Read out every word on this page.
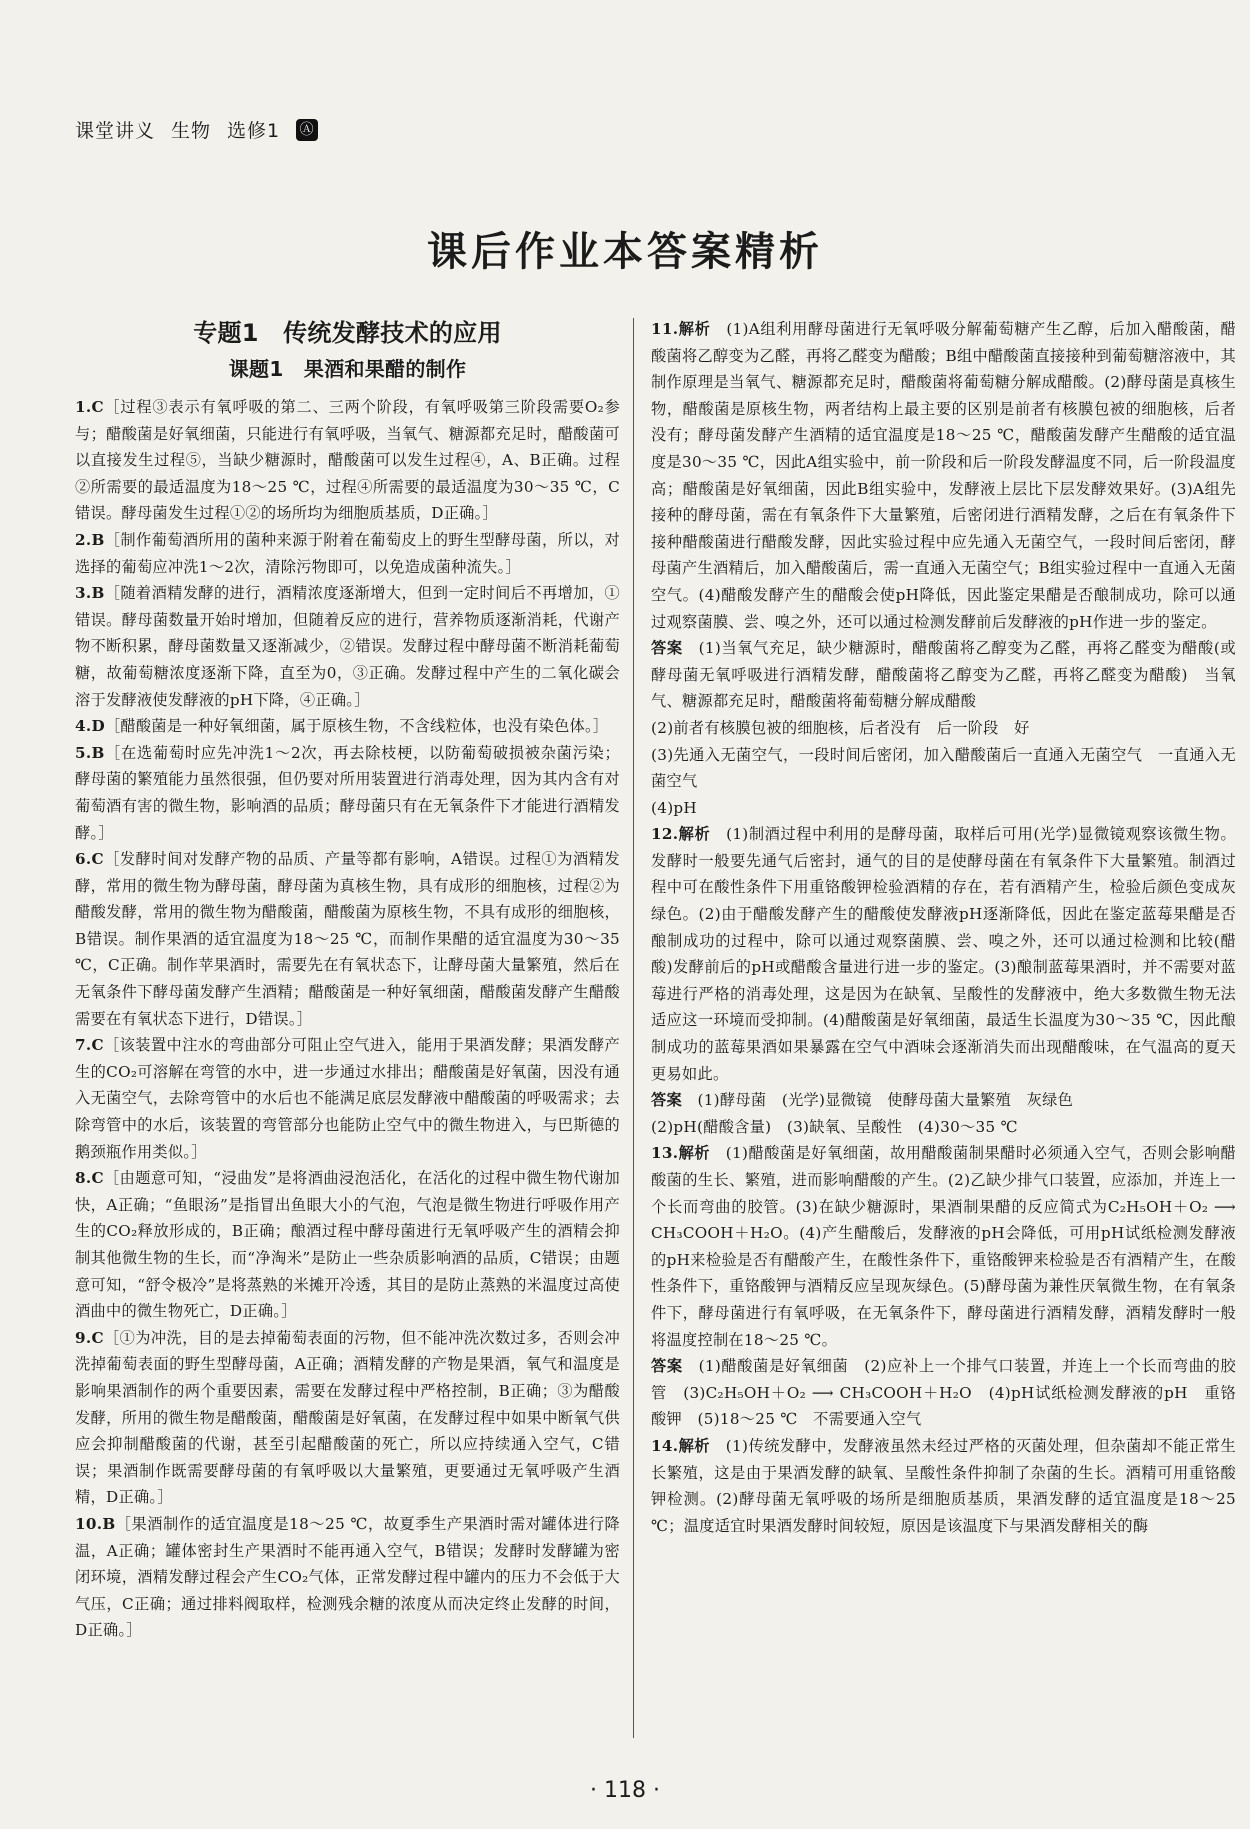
课堂讲义 生物 选修1 Ⓐ
课后作业本答案精析
专题1　传统发酵技术的应用
课题1　果酒和果醋的制作

1.C［过程③表示有氧呼吸的第二、三两个阶段，有氧呼吸第三阶段需要O₂参与；醋酸菌是好氧细菌，只能进行有氧呼吸，当氧气、糖源都充足时，醋酸菌可以直接发生过程⑤，当缺少糖源时，醋酸菌可以发生过程④，A、B正确。过程②所需要的最适温度为18～25 ℃，过程④所需要的最适温度为30～35 ℃，C错误。酵母菌发生过程①②的场所均为细胞质基质，D正确。］

2.B［制作葡萄酒所用的菌种来源于附着在葡萄皮上的野生型酵母菌，所以，对选择的葡萄应冲洗1～2次，清除污物即可，以免造成菌种流失。］

3.B［随着酒精发酵的进行，酒精浓度逐渐增大，但到一定时间后不再增加，①错误。酵母菌数量开始时增加，但随着反应的进行，营养物质逐渐消耗，代谢产物不断积累，酵母菌数量又逐渐减少，②错误。发酵过程中酵母菌不断消耗葡萄糖，故葡萄糖浓度逐渐下降，直至为0，③正确。发酵过程中产生的二氧化碳会溶于发酵液使发酵液的pH下降，④正确。］

4.D［醋酸菌是一种好氧细菌，属于原核生物，不含线粒体，也没有染色体。］

5.B［在选葡萄时应先冲洗1～2次，再去除枝梗，以防葡萄破损被杂菌污染；酵母菌的繁殖能力虽然很强，但仍要对所用装置进行消毒处理，因为其内含有对葡萄酒有害的微生物，影响酒的品质；酵母菌只有在无氧条件下才能进行酒精发酵。］

6.C［发酵时间对发酵产物的品质、产量等都有影响，A错误。过程①为酒精发酵，常用的微生物为酵母菌，酵母菌为真核生物，具有成形的细胞核，过程②为醋酸发酵，常用的微生物为醋酸菌，醋酸菌为原核生物，不具有成形的细胞核，B错误。制作果酒的适宜温度为18～25 ℃，而制作果醋的适宜温度为30～35 ℃，C正确。制作苹果酒时，需要先在有氧状态下，让酵母菌大量繁殖，然后在无氧条件下酵母菌发酵产生酒精；醋酸菌是一种好氧细菌，醋酸菌发酵产生醋酸需要在有氧状态下进行，D错误。］

7.C［该装置中注水的弯曲部分可阻止空气进入，能用于果酒发酵；果酒发酵产生的CO₂可溶解在弯管的水中，进一步通过水排出；醋酸菌是好氧菌，因没有通入无菌空气，去除弯管中的水后也不能满足底层发酵液中醋酸菌的呼吸需求；去除弯管中的水后，该装置的弯管部分也能防止空气中的微生物进入，与巴斯德的鹅颈瓶作用类似。］

8.C［由题意可知，“浸曲发”是将酒曲浸泡活化，在活化的过程中微生物代谢加快，A正确；“鱼眼汤”是指冒出鱼眼大小的气泡，气泡是微生物进行呼吸作用产生的CO₂释放形成的，B正确；酿酒过程中酵母菌进行无氧呼吸产生的酒精会抑制其他微生物的生长，而“净淘米”是防止一些杂质影响酒的品质，C错误；由题意可知，“舒令极冷”是将蒸熟的米摊开冷透，其目的是防止蒸熟的米温度过高使酒曲中的微生物死亡，D正确。］

9.C［①为冲洗，目的是去掉葡萄表面的污物，但不能冲洗次数过多，否则会冲洗掉葡萄表面的野生型酵母菌，A正确；酒精发酵的产物是果酒，氧气和温度是影响果酒制作的两个重要因素，需要在发酵过程中严格控制，B正确；③为醋酸发酵，所用的微生物是醋酸菌，醋酸菌是好氧菌，在发酵过程中如果中断氧气供应会抑制醋酸菌的代谢，甚至引起醋酸菌的死亡，所以应持续通入空气，C错误；果酒制作既需要酵母菌的有氧呼吸以大量繁殖，更要通过无氧呼吸产生酒精，D正确。］

10.B［果酒制作的适宜温度是18～25 ℃，故夏季生产果酒时需对罐体进行降温，A正确；罐体密封生产果酒时不能再通入空气，B错误；发酵时发酵罐为密闭环境，酒精发酵过程会产生CO₂气体，正常发酵过程中罐内的压力不会低于大气压，C正确；通过排料阀取样，检测残余糖的浓度从而决定终止发酵的时间，D正确。］

11.解析　 (1)A组利用酵母菌进行无氧呼吸分解葡萄糖产生乙醇，后加入醋酸菌，醋酸菌将乙醇变为乙醛，再将乙醛变为醋酸；B组中醋酸菌直接接种到葡萄糖溶液中，其制作原理是当氧气、糖源都充足时，醋酸菌将葡萄糖分解成醋酸。(2)酵母菌是真核生物，醋酸菌是原核生物，两者结构上最主要的区别是前者有核膜包被的细胞核，后者没有；酵母菌发酵产生酒精的适宜温度是18～25 ℃，醋酸菌发酵产生醋酸的适宜温度是30～35 ℃，因此A组实验中，前一阶段和后一阶段发酵温度不同，后一阶段温度高；醋酸菌是好氧细菌，因此B组实验中，发酵液上层比下层发酵效果好。(3)A组先接种的酵母菌，需在有氧条件下大量繁殖，后密闭进行酒精发酵，之后在有氧条件下接种醋酸菌进行醋酸发酵，因此实验过程中应先通入无菌空气，一段时间后密闭，酵母菌产生酒精后，加入醋酸菌后，需一直通入无菌空气；B组实验过程中一直通入无菌空气。(4)醋酸发酵产生的醋酸会使pH降低，因此鉴定果醋是否酿制成功，除可以通过观察菌膜、尝、嗅之外，还可以通过检测发酵前后发酵液的pH作进一步的鉴定。

答案　 (1)当氧气充足，缺少糖源时，醋酸菌将乙醇变为乙醛，再将乙醛变为醋酸(或酵母菌无氧呼吸进行酒精发酵，醋酸菌将乙醇变为乙醛，再将乙醛变为醋酸)　当氧气、糖源都充足时，醋酸菌将葡萄糖分解成醋酸

(2)前者有核膜包被的细胞核，后者没有　后一阶段　好

(3)先通入无菌空气，一段时间后密闭，加入醋酸菌后一直通入无菌空气　一直通入无菌空气

(4)pH

12.解析　 (1)制酒过程中利用的是酵母菌，取样后可用(光学)显微镜观察该微生物。发酵时一般要先通气后密封，通气的目的是使酵母菌在有氧条件下大量繁殖。制酒过程中可在酸性条件下用重铬酸钾检验酒精的存在，若有酒精产生，检验后颜色变成灰绿色。(2)由于醋酸发酵产生的醋酸使发酵液pH逐渐降低，因此在鉴定蓝莓果醋是否酿制成功的过程中，除可以通过观察菌膜、尝、嗅之外，还可以通过检测和比较(醋酸)发酵前后的pH或醋酸含量进行进一步的鉴定。(3)酿制蓝莓果酒时，并不需要对蓝莓进行严格的消毒处理，这是因为在缺氧、呈酸性的发酵液中，绝大多数微生物无法适应这一环境而受抑制。(4)醋酸菌是好氧细菌，最适生长温度为30～35 ℃，因此酿制成功的蓝莓果酒如果暴露在空气中酒味会逐渐消失而出现醋酸味，在气温高的夏天更易如此。

答案　 (1)酵母菌　(光学)显微镜　使酵母菌大量繁殖　灰绿色

(2)pH(醋酸含量)　(3)缺氧、呈酸性　(4)30～35 ℃

13.解析　 (1)醋酸菌是好氧细菌，故用醋酸菌制果醋时必须通入空气，否则会影响醋酸菌的生长、繁殖，进而影响醋酸的产生。(2)乙缺少排气口装置，应添加，并连上一个长而弯曲的胶管。(3)在缺少糖源时，果酒制果醋的反应简式为C₂H₅OH＋O₂ ⟶ CH₃COOH＋H₂O。(4)产生醋酸后，发酵液的pH会降低，可用pH试纸检测发酵液的pH来检验是否有醋酸产生，在酸性条件下，重铬酸钾来检验是否有酒精产生，在酸性条件下，重铬酸钾与酒精反应呈现灰绿色。(5)酵母菌为兼性厌氧微生物，在有氧条件下，酵母菌进行有氧呼吸，在无氧条件下，酵母菌进行酒精发酵，酒精发酵时一般将温度控制在18～25 ℃。

答案　 (1)醋酸菌是好氧细菌　(2)应补上一个排气口装置，并连上一个长而弯曲的胶管　(3)C₂H₅OH＋O₂ ⟶ CH₃COOH＋H₂O　(4)pH试纸检测发酵液的pH　重铬酸钾　(5)18～25 ℃　不需要通入空气

14.解析　 (1)传统发酵中，发酵液虽然未经过严格的灭菌处理，但杂菌却不能正常生长繁殖，这是由于果酒发酵的缺氧、呈酸性条件抑制了杂菌的生长。酒精可用重铬酸钾检测。(2)酵母菌无氧呼吸的场所是细胞质基质，果酒发酵的适宜温度是18～25 ℃；温度适宜时果酒发酵时间较短，原因是该温度下与果酒发酵相关的酶

· 118 ·
